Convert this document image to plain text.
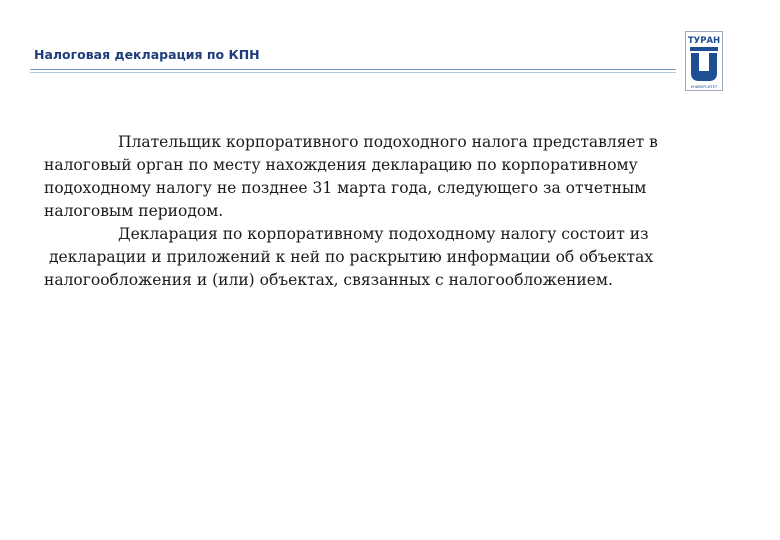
Налоговая декларация по КПН
ТУРАН
УНИВЕРСИТЕТ
Плательщик корпоративного подоходного налога представляет в
налоговый орган по месту нахождения декларацию по корпоративному
подоходному налогу не позднее 31 марта года, следующего за отчетным
налоговым периодом.
Декларация по корпоративному подоходному налогу состоит из
декларации и приложений к ней по раскрытию информации об объектах
налогообложения и (или) объектах, связанных с налогообложением.
